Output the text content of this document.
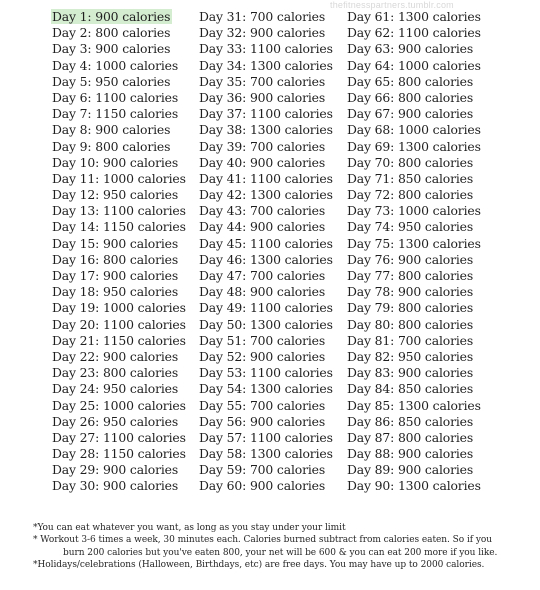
thefitnesspartners.tumblr.com
Day 1: 900 calories
Day 2: 800 calories
Day 3: 900 calories
Day 4: 1000 calories
Day 5: 950 calories
Day 6: 1100 calories
Day 7: 1150 calories
Day 8: 900 calories
Day 9: 800 calories
Day 10: 900 calories
Day 11: 1000 calories
Day 12: 950 calories
Day 13: 1100 calories
Day 14: 1150 calories
Day 15: 900 calories
Day 16: 800 calories
Day 17: 900 calories
Day 18: 950 calories
Day 19: 1000 calories
Day 20: 1100 calories
Day 21: 1150 calories
Day 22: 900 calories
Day 23: 800 calories
Day 24: 950 calories
Day 25: 1000 calories
Day 26: 950 calories
Day 27: 1100 calories
Day 28: 1150 calories
Day 29: 900 calories
Day 30: 900 calories
Day 31: 700 calories
Day 32: 900 calories
Day 33: 1100 calories
Day 34: 1300 calories
Day 35: 700 calories
Day 36: 900 calories
Day 37: 1100 calories
Day 38: 1300 calories
Day 39: 700 calories
Day 40: 900 calories
Day 41: 1100 calories
Day 42: 1300 calories
Day 43: 700 calories
Day 44: 900 calories
Day 45: 1100 calories
Day 46: 1300 calories
Day 47: 700 calories
Day 48: 900 calories
Day 49: 1100 calories
Day 50: 1300 calories
Day 51: 700 calories
Day 52: 900 calories
Day 53: 1100 calories
Day 54: 1300 calories
Day 55: 700 calories
Day 56: 900 calories
Day 57: 1100 calories
Day 58: 1300 calories
Day 59: 700 calories
Day 60: 900 calories
Day 61: 1300 calories
Day 62: 1100 calories
Day 63: 900 calories
Day 64: 1000 calories
Day 65: 800 calories
Day 66: 800 calories
Day 67: 900 calories
Day 68: 1000 calories
Day 69: 1300 calories
Day 70: 800 calories
Day 71: 850 calories
Day 72: 800 calories
Day 73: 1000 calories
Day 74: 950 calories
Day 75: 1300 calories
Day 76: 900 calories
Day 77: 800 calories
Day 78: 900 calories
Day 79: 800 calories
Day 80: 800 calories
Day 81: 700 calories
Day 82: 950 calories
Day 83: 900 calories
Day 84: 850 calories
Day 85: 1300 calories
Day 86: 850 calories
Day 87: 800 calories
Day 88: 900 calories
Day 89: 900 calories
Day 90: 1300 calories
*You can eat whatever you want, as long as you stay under your limit
* Workout 3-6 times a week, 30 minutes each. Calories burned subtract from calories eaten. So if you
burn 200 calories but you've eaten 800, your net will be 600 & you can eat 200 more if you like.
*Holidays/celebrations (Halloween, Birthdays, etc) are free days. You may have up to 2000 calories.
